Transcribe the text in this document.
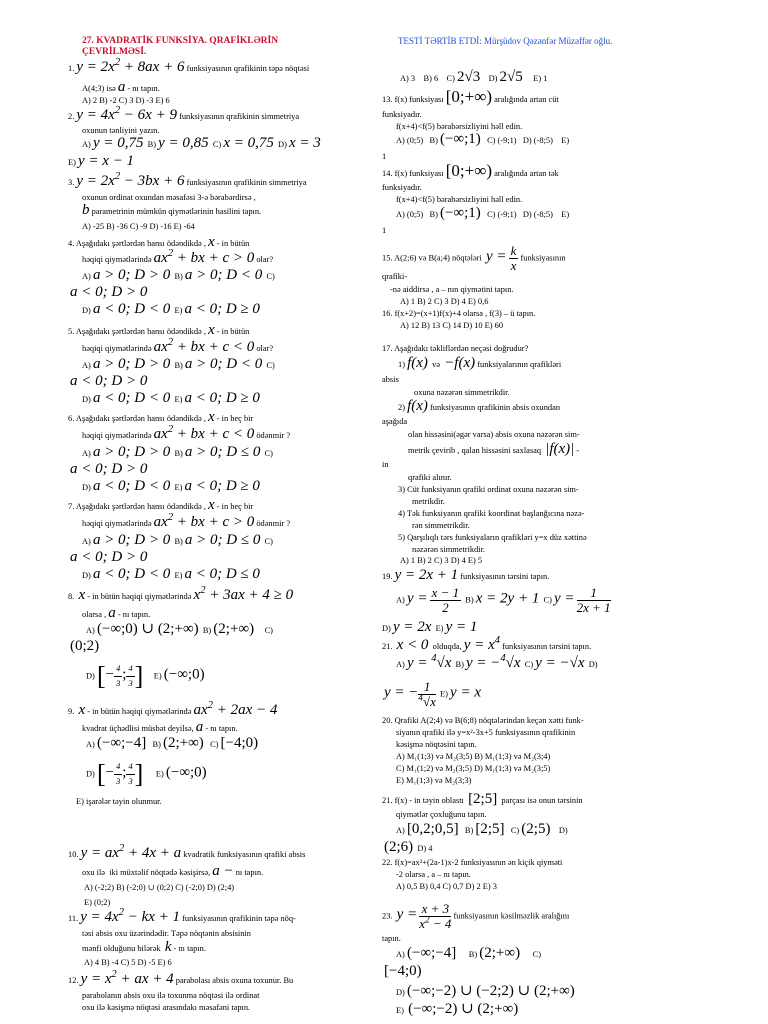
27. KVADRATİK FUNKSİYA. QRAFİKLƏRİN ÇEVRİLMƏSİ.
TESTİ TƏRTİB ETDİ: Mürşüdov Qəzənfər Müzəffər oğlu.
1. $y = 2x^2 + 8ax + 6$ funksiyasının qrafikinin təpə nöqtəsi
A(4;3) isə a - nı tapın.
A) 2 B) -2 C) 3 D) -3 E) 6
2. $y = 4x^2 - 6x + 9$ funksiyasının qrafikinin simmetriya
oxunun tənliyini yazın.
A) y = 0,75  B) y = 0,85  C) x = 0,75  D) x = 3
E) y = x − 1
3. $y = 2x^2 - 3bx + 6$ funksiyasının qrafikinin simmetriya
oxunun ordinat oxundan məsafəsi 3-ə bərabərdirsə ,
b parametrinin mümkün qiymətlərinin hasilini tapın.
A) -25 B) -36 C) -9 D) -16 E) -64
4. Aşağıdakı şərtlərdən hansı ödəndikdə , x - in bütün
həqiqi qiymətlərində $ax^2$ + bx + c > 0 olar?
A) a > 0; D > 0  B) a > 0; D < 0  C)
a < 0; D > 0
D) a < 0; D < 0  E) a < 0; D ≥ 0
5. Aşağıdakı şərtlərdən hansı ödəndikdə , x - in bütün
həqiqi qiymətlərində $ax^2$ + bx + c < 0 olar?
A) a > 0; D > 0  B) a > 0; D < 0  C)
a < 0; D > 0
D) a < 0; D < 0  E) a < 0; D ≥ 0
6. Aşağıdakı şərtlərdən hansı ödəndikdə , x - in heç bir
həqiqi qiymətlərində $ax^2$ + bx + c < 0 ödənmir ?
A) a > 0; D > 0  B) a > 0; D ≤ 0  C)
a < 0; D > 0
D) a < 0; D < 0  E) a < 0; D ≥ 0
7. Aşağıdakı şərtlərdən hansı ödəndikdə , x - in heç bir
həqiqi qiymətlərində $ax^2$ + bx + c > 0 ödənmir ?
A) a > 0; D > 0  B) a > 0; D ≤ 0  C)
a < 0; D > 0
D) a < 0; D < 0  E) a < 0; D ≤ 0
8.  x - in bütün həqiqi qiymətlərində $x^2 + 3ax + 4 \ge 0$
olarsa , a - nı tapın.
A) (−∞;0) ∪ (2;+∞)  B) (2;+∞)     C)
(0;2)
D) [− $\frac{4}{3}$ ; $\frac{4}{3}$ ]     E) (−∞;0)
9.  x - in bütün həqiqi qiymətlərində $ax^2 + 2ax - 4$
kvadrat üçhədlisi müsbət deyilsə, a - nı tapın.
A) (−∞;−4]   B) (2;+∞)   C) [−4;0)
D) [− $\frac{4}{3}$ ; $\frac{4}{3}$ ]      E) (−∞;0)
E) işarələr təyin olunmur.
10. $y = ax^2 + 4x + a$ kvadratik funksiyasının qrafiki absis
oxu ilə  iki müxtəlif nöqtədə kəsişirsə, a − nı tapın.
A) (-2;2) B) (-2;0) ∪ (0;2) C) (-2;0) D) (2;4)
E) (0;2)
11. $y = 4x^2$ − kx + 1 funksiyasının qrafikinin təpə nöq-
təsi absis oxu üzərindədir. Təpə nöqtənin absisinin
mənfi olduğunu bilərək  k - nı tapın.
A) 4 B) -4 C) 5 D) -5 E) 6
12. $y = x^2$ + ax + 4 parabolası absis oxuna toxunur. Bu
parabolanın absis oxu ilə toxunma nöqtəsi ilə ordinat
oxu ilə kəsişmə nöqtəsi arasındakı məsafəni tapın.
A) 3    B) 6    C) 2√3    D) 2√5     E) 1
13. f(x) funksiyası [0;+∞) aralığında artan cüt
funksiyadır.
f(x+4)<f(5) bərabərsizliyini həll edin.
A) (0;5)   B) (−∞;1)   C) (-9;1)   D) (-8;5)    E)
1
14. f(x) funksiyası [0;+∞) aralığında artan tək
funksiyadır.
f(x+4)<f(5) bərabərsizliyini həll edin.
A) (0;5)   B) (−∞;1)   C) (-9;1)   D) (-8;5)    E)
1
15. A(2;6) və B(a;4) nöqtələri  $y = \frac{k}{x}$ funksiyasının
qrafiki-
-nə aiddirsə , a – nın qiymətini tapın.
A) 1 B) 2 C) 3 D) 4 E) 0,6
16. f(x+2)=(x+1)f(x)+4 olarsa , f(3) – ü tapın.
A) 12 B) 13 C) 14 D) 10 E) 60
17. Aşağıdakı təkliflərdən neçəsi doğrudur?
1) f(x)  və  −f(x) funksiyalarının qrafikləri
absis
oxuna nəzərən simmetrikdir.
2) f(x) funksiyasının qrafikinin absis oxundan
aşağıda
olan hissəsini(əgər varsa) absis oxuna nəzərən sim-
metrik çevirib , qalan hissəsini saxlasaq  |f(x)| -
in
qrafiki alınır.
3) Cüt funksiyanın qrafiki ordinat oxuna nəzərən sim-
metrikdir.
4) Tək funksiyanın qrafiki koordinat başlanğıcına nəzə-
rən simmetrikdir.
5) Qarşılıqlı tərs funksiyaların qrafikləri y=x düz xəttinə
nəzərən simmetrikdir.
A) 1 B) 2 C) 3 D) 4 E) 5
19. y = 2x + 1 funksiyasının tərsini tapın.
A) $y = \frac{x - 1}{2} B$) x = 2y + 1  C) $y = \frac{1}{2x + 1}$
D) y = 2x  E) y = 1
21.  x < 0  olduqda, $y = x^4$ funksiyasının tərsini tapın.
A) y = $^4$√x  B) y = −$^4$√x  C) y = −√x  D)
y = − $\frac{1}{^4√x} E$) y = x
20. Qrafiki A(2;4) və B(6;8) nöqtələrindən keçən xətti funk-
siyanın qrafiki ilə y=x²-3x+5 funksiyasının qrafikinin
kəsişmə nöqtəsini tapın.
A) M₁(1;3) və M₂(3;5) B) M₁(1;3) və M₂(3;4)
C) M₁(1;2) və M₂(3;5) D) M₁(1;3) və M₂(3;5)
E) M₁(1;3) və M₂(3;3)
21. f(x) - in təyin oblastı  [2;5]  parçası isə onun tərsinin
qiymətlər çoxluğunu tapın.
A) [0,2;0,5]   B) [2;5]   C) (2;5)    D)
(2;6)  D) 4
22. f(x)=ax²+(2a-1)x-2 funksiyasının ən kiçik qiyməti
-2 olarsa , a – nı tapın.
A) 0,5 B) 0,4 C) 0,7 D) 2 E) 3
23.  $y = \frac{x + 3}{x^2 - 4}$ funksiyasının kəsilməzlik aralığını
tapın.
A) (−∞;−4]      B) (2;+∞)      C)
[−4;0)
D) (−∞;−2) ∪ (−2;2) ∪ (2;+∞)
E)  (−∞;−2) ∪ (2;+∞)
